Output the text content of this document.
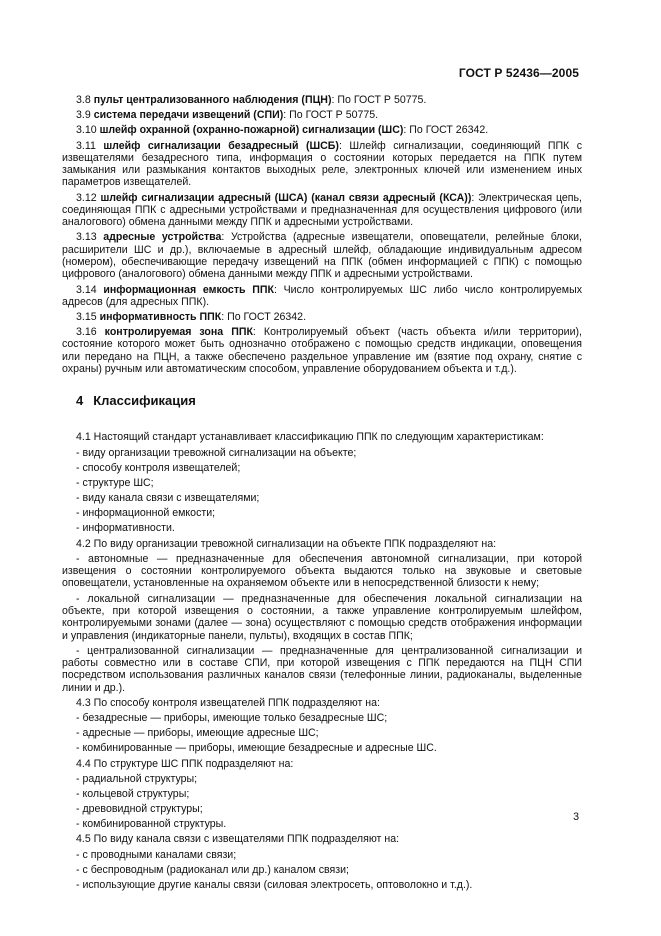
ГОСТ Р 52436—2005

3.8 пульт централизованного наблюдения (ПЦН): По ГОСТ Р 50775.

3.9 система передачи извещений (СПИ): По ГОСТ Р 50775.

3.10 шлейф охранной (охранно-пожарной) сигнализации (ШС): По ГОСТ 26342.

3.11 шлейф сигнализации безадресный (ШСБ): Шлейф сигнализации, соединяющий ППК с извещателями безадресного типа, информация о состоянии которых передается на ППК путем замыкания или размыкания контактов выходных реле, электронных ключей или изменением иных параметров извещателей.

3.12 шлейф сигнализации адресный (ШСА) (канал связи адресный (КСА)): Электрическая цепь, соединяющая ППК с адресными устройствами и предназначенная для осуществления цифрового (или аналогового) обмена данными между ППК и адресными устройствами.

3.13 адресные устройства: Устройства (адресные извещатели, оповещатели, релейные блоки, расширители ШС и др.), включаемые в адресный шлейф, обладающие индивидуальным адресом (номером), обеспечивающие передачу извещений на ППК (обмен информацией с ППК) с помощью цифрового (аналогового) обмена данными между ППК и адресными устройствами.

3.14 информационная емкость ППК: Число контролируемых ШС либо число контролируемых адресов (для адресных ППК).

3.15 информативность ППК: По ГОСТ 26342.

3.16 контролируемая зона ППК: Контролируемый объект (часть объекта и/или территории), состояние которого может быть однозначно отображено с помощью средств индикации, оповещения или передано на ПЦН, а также обеспечено раздельное управление им (взятие под охрану, снятие с охраны) ручным или автоматическим способом, управление оборудованием объекта и т.д.).

4 Классификация

4.1 Настоящий стандарт устанавливает классификацию ППК по следующим характеристикам:

- виду организации тревожной сигнализации на объекте;

- способу контроля извещателей;

- структуре ШС;

- виду канала связи с извещателями;

- информационной емкости;

- информативности.

4.2 По виду организации тревожной сигнализации на объекте ППК подразделяют на:

- автономные — предназначенные для обеспечения автономной сигнализации, при которой извещения о состоянии контролируемого объекта выдаются только на звуковые и световые оповещатели, установленные на охраняемом объекте или в непосредственной близости к нему;

- локальной сигнализации — предназначенные для обеспечения локальной сигнализации на объекте, при которой извещения о состоянии, а также управление контролируемым шлейфом, контролируемыми зонами (далее — зона) осуществляют с помощью средств отображения информации и управления (индикаторные панели, пульты), входящих в состав ППК;

- централизованной сигнализации — предназначенные для централизованной сигнализации и работы совместно или в составе СПИ, при которой извещения с ППК передаются на ПЦН СПИ посредством использования различных каналов связи (телефонные линии, радиоканалы, выделенные линии и др.).

4.3 По способу контроля извещателей ППК подразделяют на:

- безадресные — приборы, имеющие только безадресные ШС;

- адресные — приборы, имеющие адресные ШС;

- комбинированные — приборы, имеющие безадресные и адресные ШС.

4.4 По структуре ШС ППК подразделяют на:

- радиальной структуры;

- кольцевой структуры;

- древовидной структуры;

- комбинированной структуры.

4.5 По виду канала связи с извещателями ППК подразделяют на:

- с проводными каналами связи;

- с беспроводным (радиоканал или др.) каналом связи;

- использующие другие каналы связи (силовая электросеть, оптоволокно и т.д.).

3
